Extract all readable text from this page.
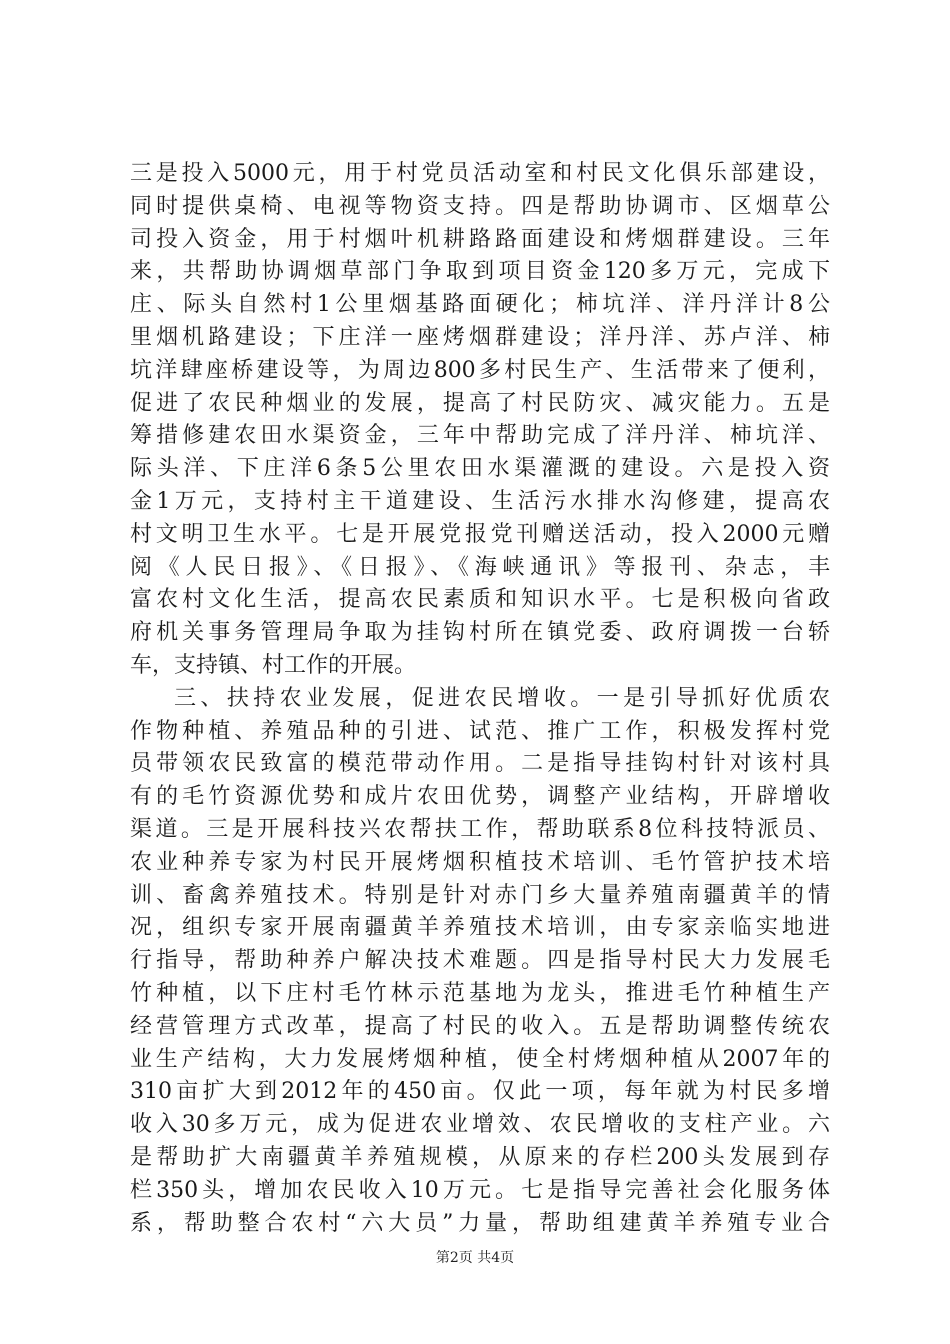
三是投入5000元，用于村党员活动室和村民文化俱乐部建设，
同时提供桌椅、电视等物资支持。四是帮助协调市、区烟草公
司投入资金，用于村烟叶机耕路路面建设和烤烟群建设。三年
来，共帮助协调烟草部门争取到项目资金120多万元，完成下
庄、际头自然村1公里烟基路面硬化；柿坑洋、洋丹洋计8公
里烟机路建设；下庄洋一座烤烟群建设；洋丹洋、苏卢洋、柿
坑洋肆座桥建设等，为周边800多村民生产、生活带来了便利，
促进了农民种烟业的发展，提高了村民防灾、减灾能力。五是
筹措修建农田水渠资金，三年中帮助完成了洋丹洋、柿坑洋、
际头洋、下庄洋6条5公里农田水渠灌溉的建设。六是投入资
金1万元，支持村主干道建设、生活污水排水沟修建，提高农
村文明卫生水平。七是开展党报党刊赠送活动，投入2000元赠
阅《人民日报》、《日报》、《海峡通讯》等报刊、杂志，丰
富农村文化生活，提高农民素质和知识水平。七是积极向省政
府机关事务管理局争取为挂钩村所在镇党委、政府调拨一台轿
车，支持镇、村工作的开展。
三、扶持农业发展，促进农民增收。一是引导抓好优质农
作物种植、养殖品种的引进、试范、推广工作，积极发挥村党
员带领农民致富的模范带动作用。二是指导挂钩村针对该村具
有的毛竹资源优势和成片农田优势，调整产业结构，开辟增收
渠道。三是开展科技兴农帮扶工作，帮助联系8位科技特派员、
农业种养专家为村民开展烤烟积植技术培训、毛竹管护技术培
训、畜禽养殖技术。特别是针对赤门乡大量养殖南疆黄羊的情
况，组织专家开展南疆黄羊养殖技术培训，由专家亲临实地进
行指导，帮助种养户解决技术难题。四是指导村民大力发展毛
竹种植，以下庄村毛竹林示范基地为龙头，推进毛竹种植生产
经营管理方式改革，提高了村民的收入。五是帮助调整传统农
业生产结构，大力发展烤烟种植，使全村烤烟种植从2007年的
310亩扩大到2012年的450亩。仅此一项，每年就为村民多增
收入30多万元，成为促进农业增效、农民增收的支柱产业。六
是帮助扩大南疆黄羊养殖规模，从原来的存栏200头发展到存
栏350头，增加农民收入10万元。七是指导完善社会化服务体
系，帮助整合农村“六大员”力量，帮助组建黄羊养殖专业合
第2页 共4页
